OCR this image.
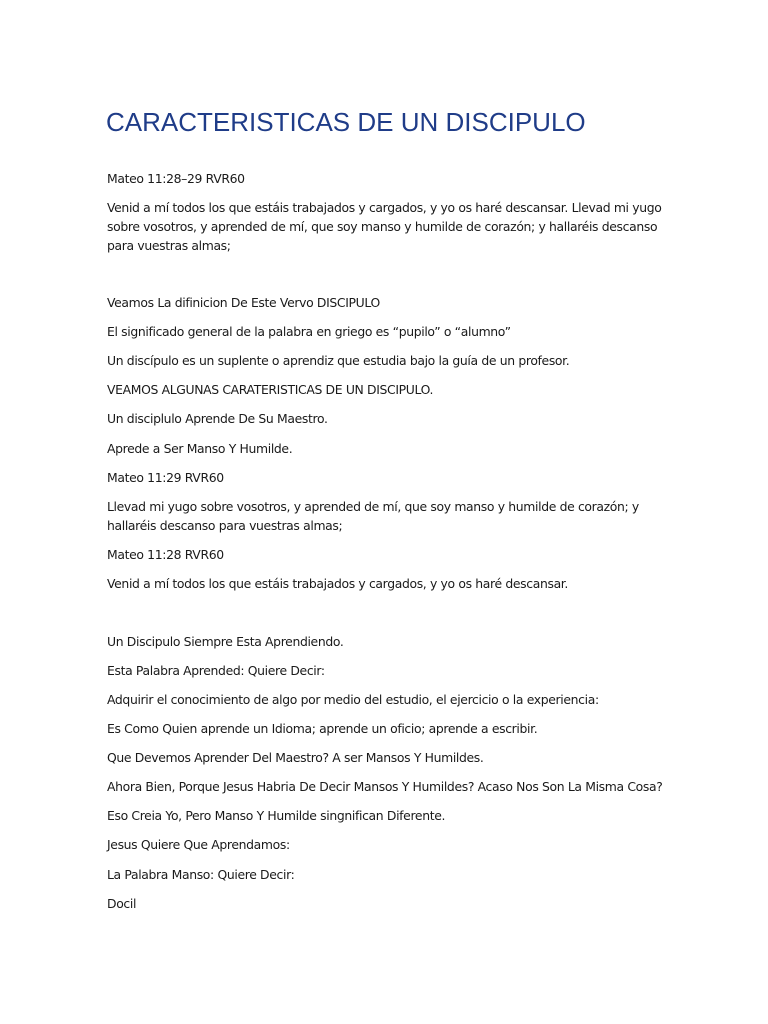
CARACTERISTICAS DE UN DISCIPULO

Mateo 11:28–29 RVR60

Venid a mí todos los que estáis trabajados y cargados, y yo os haré descansar. Llevad mi yugo sobre vosotros, y aprended de mí, que soy manso y humilde de corazón; y hallaréis descanso para vuestras almas;

Veamos La difinicion De Este Vervo DISCIPULO

El significado general de la palabra en griego es “pupilo” o “alumno”

Un discípulo es un suplente o aprendiz que estudia bajo la guía de un profesor.

VEAMOS ALGUNAS CARATERISTICAS DE UN DISCIPULO.

Un disciplulo Aprende De Su Maestro.

Aprede a Ser Manso Y Humilde.

Mateo 11:29 RVR60

Llevad mi yugo sobre vosotros, y aprended de mí, que soy manso y humilde de corazón; y hallaréis descanso para vuestras almas;

Mateo 11:28 RVR60

Venid a mí todos los que estáis trabajados y cargados, y yo os haré descansar.

Un Discipulo Siempre Esta Aprendiendo.

Esta Palabra Aprended: Quiere Decir:

Adquirir el conocimiento de algo por medio del estudio, el ejercicio o la experiencia:

Es Como Quien aprende un Idioma; aprende un oficio; aprende a escribir.

Que Devemos Aprender Del Maestro? A ser Mansos Y Humildes.

Ahora Bien, Porque Jesus Habria De Decir Mansos Y Humildes? Acaso Nos Son La Misma Cosa?

Eso Creia Yo, Pero Manso Y Humilde singnifican Diferente.

Jesus Quiere Que Aprendamos:

La Palabra Manso: Quiere Decir:

Docil
